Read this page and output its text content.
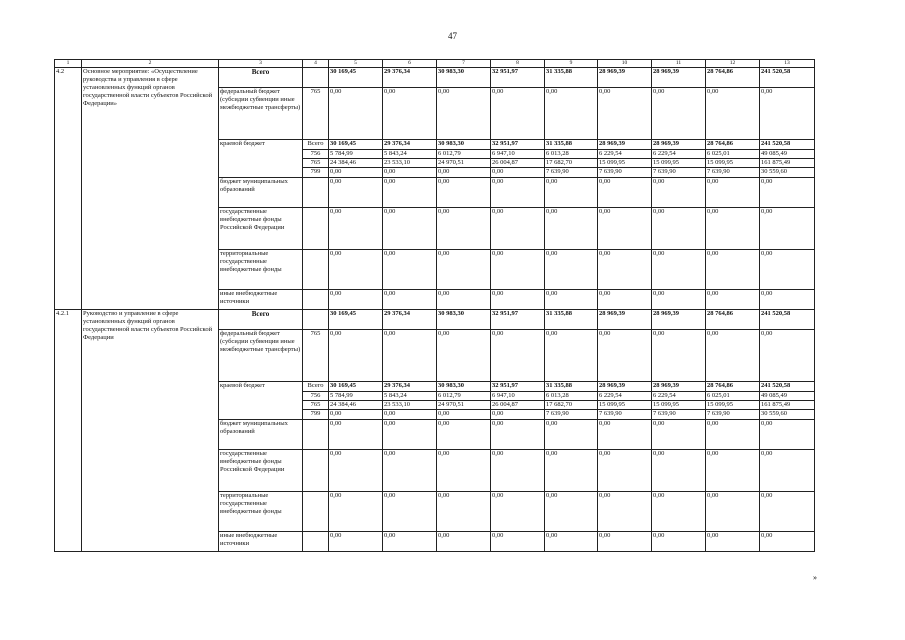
47
1	2	3	4	5	6	7	8	9	10	11	12	13
4.2	Основное мероприятие: «Осуществление руководства и управления в сфере установленных функций органов государственной власти субъектов Российской Федерации»	Всего		30 169,45	29 376,34	30 983,30	32 951,97	31 335,88	28 969,39	28 969,39	28 764,86	241 520,58
		федеральный бюджет (субсидии субвенции иные межбюджетные трансферты)	765	0,00	0,00	0,00	0,00	0,00	0,00	0,00	0,00	0,00
		краевой бюджет	Всего	30 169,45	29 376,34	30 983,30	32 951,97	31 335,88	28 969,39	28 969,39	28 764,86	241 520,58
			756	5 784,99	5 843,24	6 012,79	6 947,10	6 013,28	6 229,54	6 229,54	6 025,01	49 085,49
			765	24 384,46	23 533,10	24 970,51	26 004,87	17 682,70	15 099,95	15 099,95	15 099,95	161 875,49
			799	0,00	0,00	0,00	0,00	7 639,90	7 639,90	7 639,90	7 639,90	30 559,60
		бюджет муниципальных образований		0,00	0,00	0,00	0,00	0,00	0,00	0,00	0,00	0,00
		государственные внебюджетные фонды Российской Федерации		0,00	0,00	0,00	0,00	0,00	0,00	0,00	0,00	0,00
		территориальные государственные внебюджетные фонды		0,00	0,00	0,00	0,00	0,00	0,00	0,00	0,00	0,00
		иные внебюджетные источники		0,00	0,00	0,00	0,00	0,00	0,00	0,00	0,00	0,00
4.2.1	Руководство и управление в сфере установленных функций органов государственной власти субъектов Российской Федерации	Всего		30 169,45	29 376,34	30 983,30	32 951,97	31 335,88	28 969,39	28 969,39	28 764,86	241 520,58
		федеральный бюджет (субсидии субвенции иные межбюджетные трансферты)	765	0,00	0,00	0,00	0,00	0,00	0,00	0,00	0,00	0,00
		краевой бюджет	Всего	30 169,45	29 376,34	30 983,30	32 951,97	31 335,88	28 969,39	28 969,39	28 764,86	241 520,58
			756	5 784,99	5 843,24	6 012,79	6 947,10	6 013,28	6 229,54	6 229,54	6 025,01	49 085,49
			765	24 384,46	23 533,10	24 970,51	26 004,87	17 682,70	15 099,95	15 099,95	15 099,95	161 875,49
			799	0,00	0,00	0,00	0,00	7 639,90	7 639,90	7 639,90	7 639,90	30 559,60
		бюджет муниципальных образований		0,00	0,00	0,00	0,00	0,00	0,00	0,00	0,00	0,00
		государственные внебюджетные фонды Российской Федерации		0,00	0,00	0,00	0,00	0,00	0,00	0,00	0,00	0,00
		территориальные государственные внебюджетные фонды		0,00	0,00	0,00	0,00	0,00	0,00	0,00	0,00	0,00
		иные внебюджетные источники		0,00	0,00	0,00	0,00	0,00	0,00	0,00	0,00	0,00
»
